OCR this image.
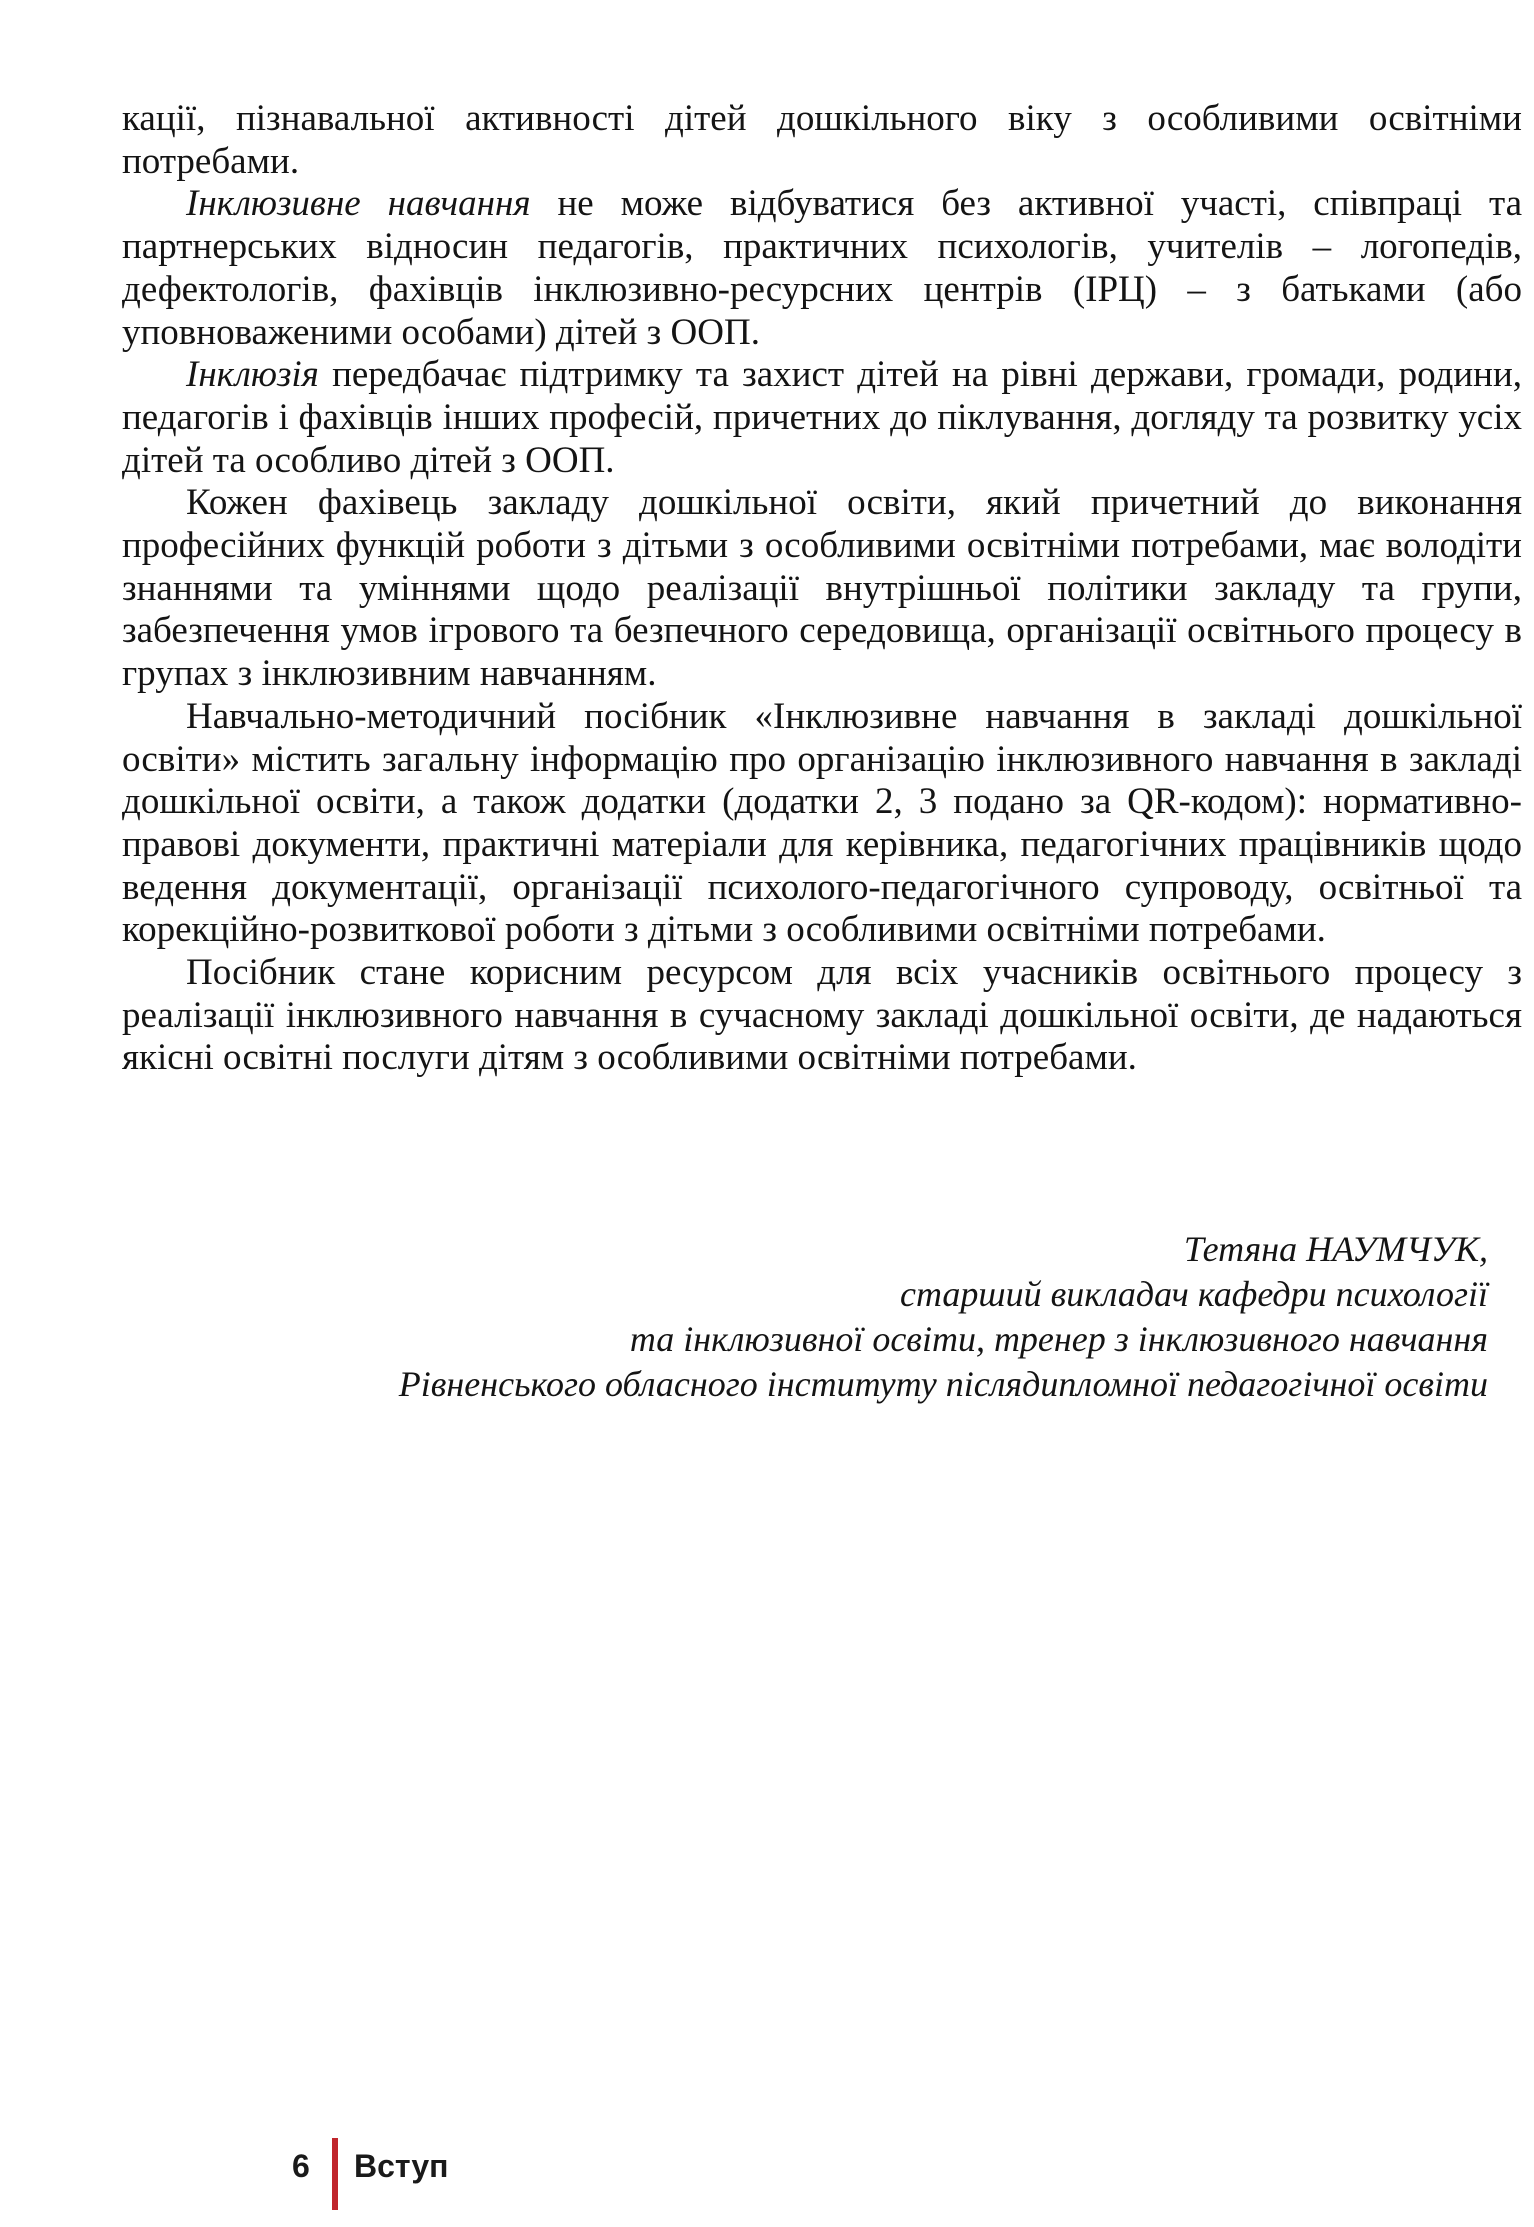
кації, пізнавальної активності дітей дошкільного віку з особливими освітніми потребами.

Інклюзивне навчання не може відбуватися без активної участі, співпраці та партнерських відносин педагогів, практичних психологів, учителів – логопедів, дефектологів, фахівців інклюзивно-ресурсних центрів (ІРЦ) – з батьками (або уповноваженими особами) дітей з ООП.

Інклюзія передбачає підтримку та захист дітей на рівні держави, громади, родини, педагогів і фахівців інших професій, причетних до піклування, догляду та розвитку усіх дітей та особливо дітей з ООП.

Кожен фахівець закладу дошкільної освіти, який причетний до виконання професійних функцій роботи з дітьми з особливими освітніми потребами, має володіти знаннями та уміннями щодо реалізації внутрішньої політики закладу та групи, забезпечення умов ігрового та безпечного середовища, організації освітнього процесу в групах з інклюзивним навчанням.

Навчально-методичний посібник «Інклюзивне навчання в закладі дошкільної освіти» містить загальну інформацію про організацію інклюзивного навчання в закладі дошкільної освіти, а також додатки (додатки 2, 3 подано за QR-кодом): нормативно-правові документи, практичні матеріали для керівника, педагогічних працівників щодо ведення документації, організації психолого-педагогічного супроводу, освітньої та корекційно-розвиткової роботи з дітьми з особливими освітніми потребами.

Посібник стане корисним ресурсом для всіх учасників освітнього процесу з реалізації інклюзивного навчання в сучасному закладі дошкільної освіти, де надаються якісні освітні послуги дітям з особливими освітніми потребами.

Тетяна НАУМЧУК,
старший викладач кафедри психології
та інклюзивної освіти, тренер з інклюзивного навчання
Рівненського обласного інституту післядипломної педагогічної освіти
6 Вступ
